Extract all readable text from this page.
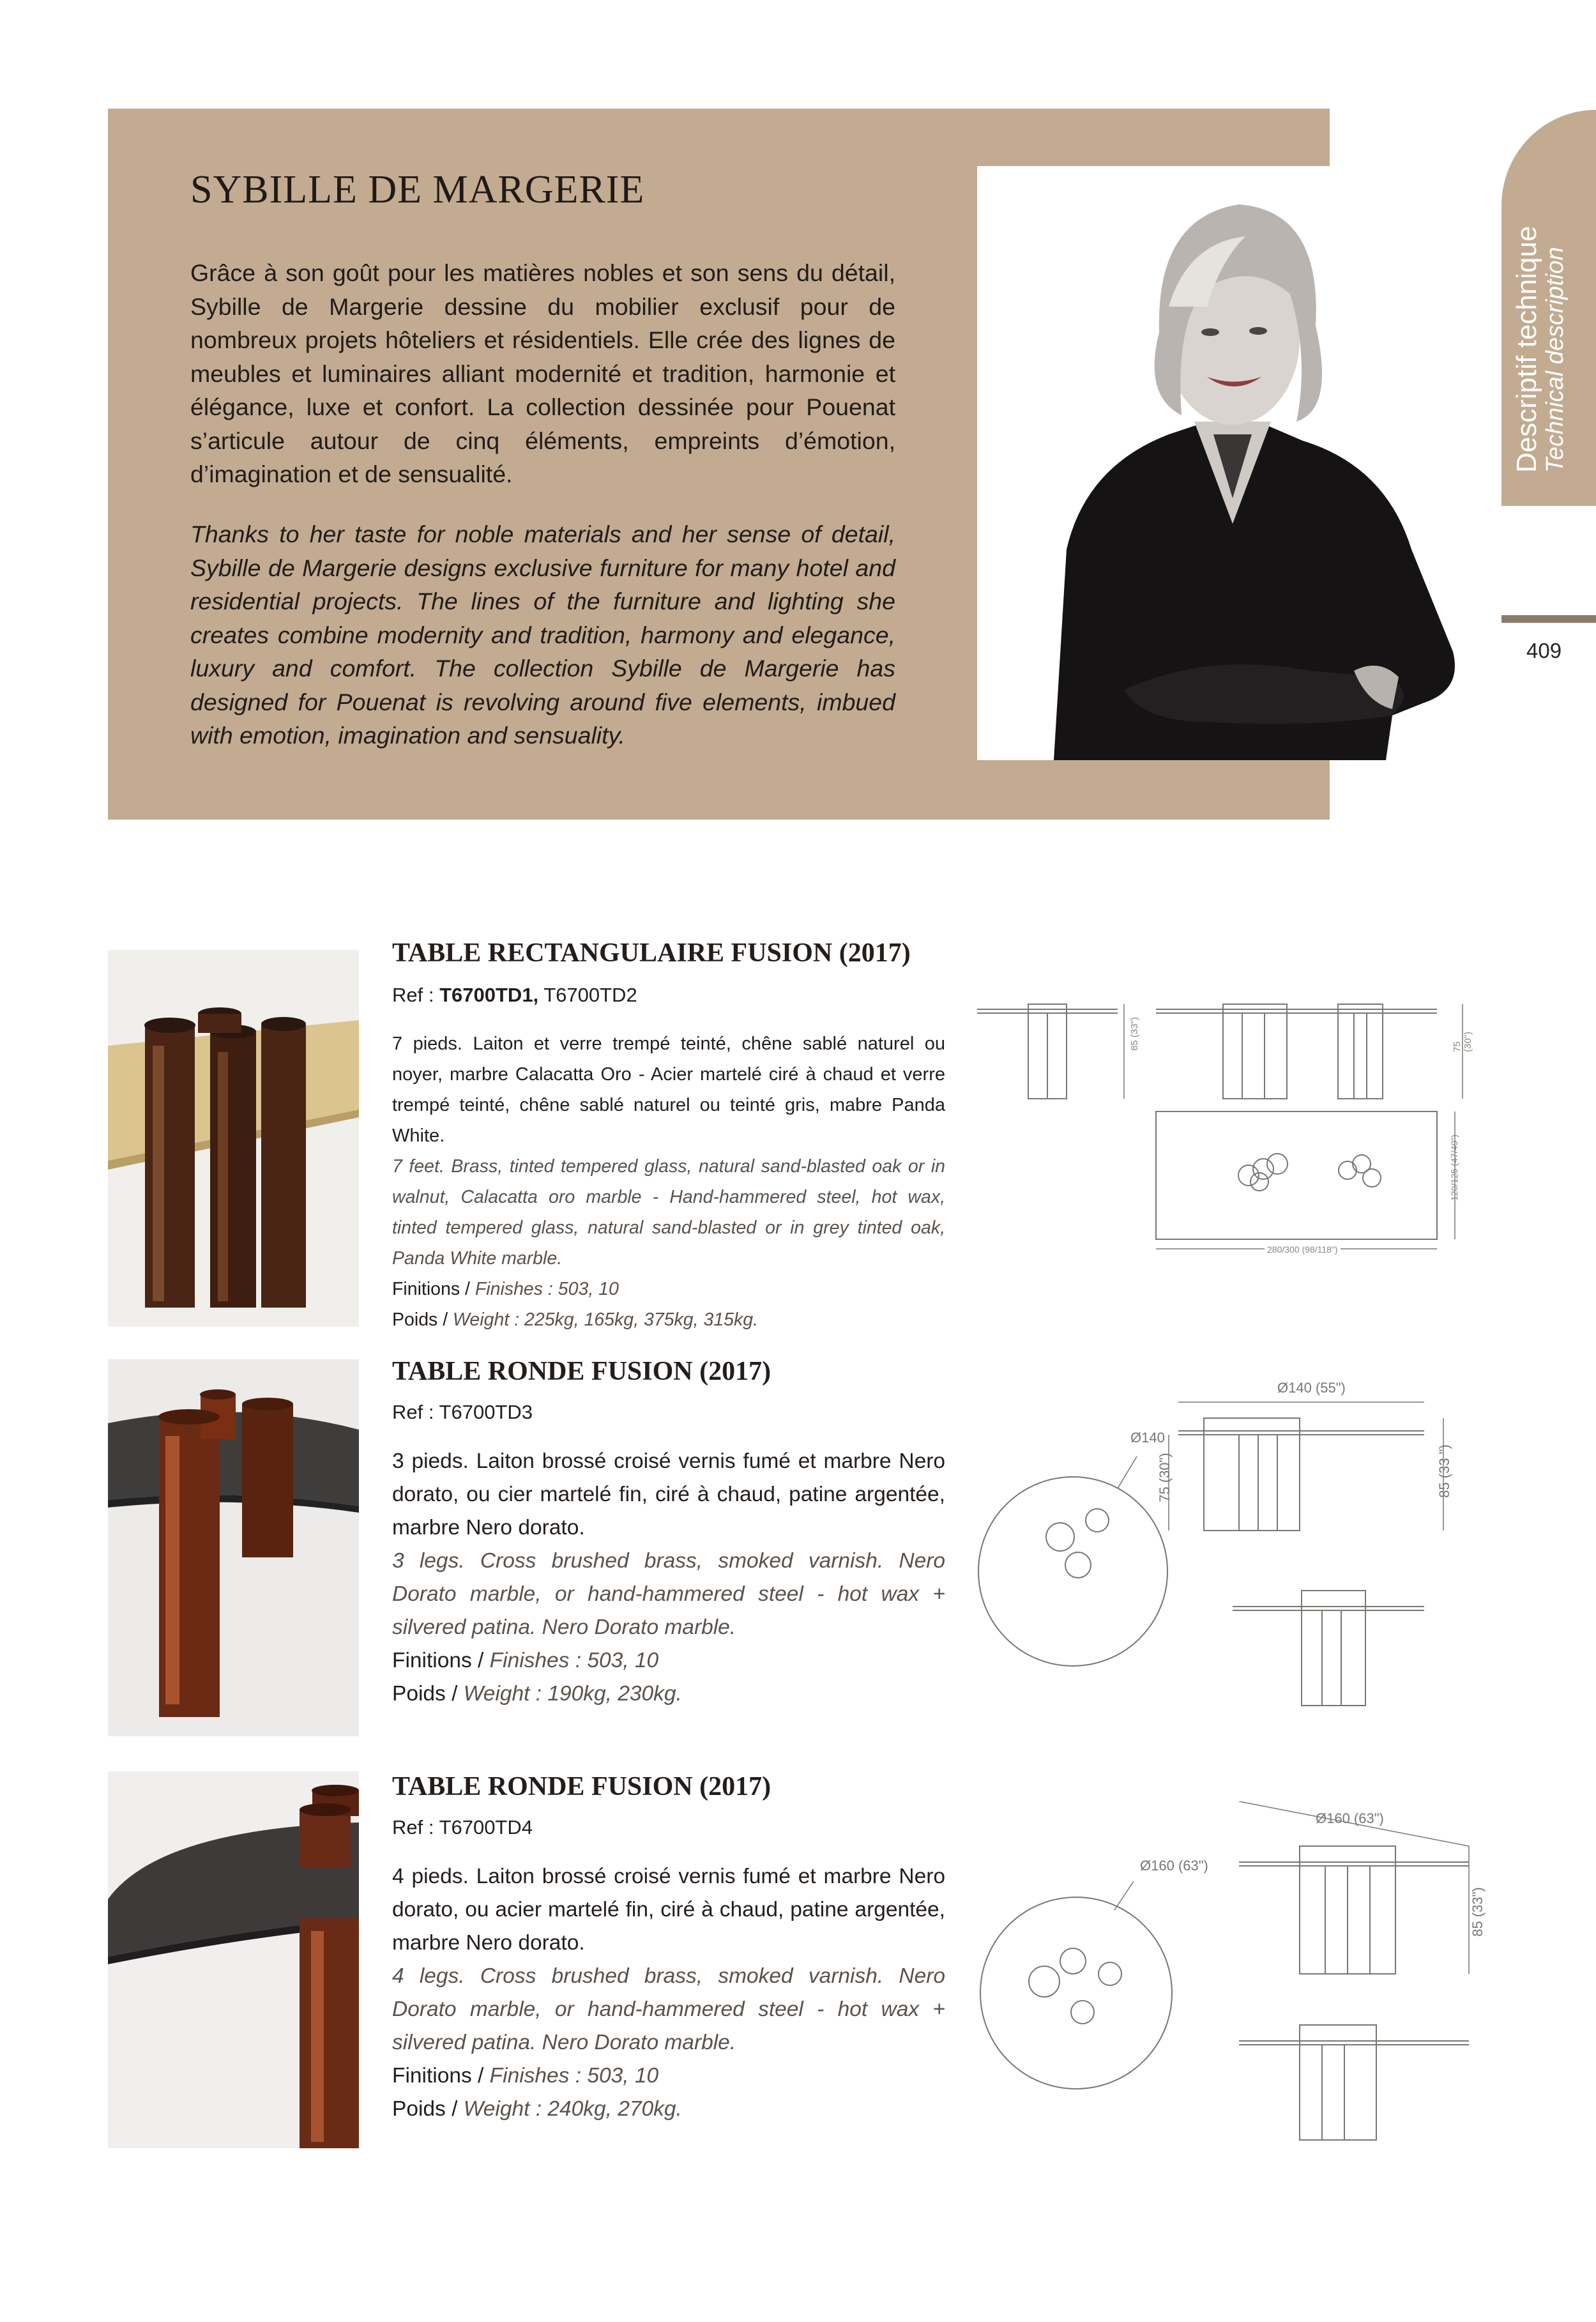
SYBILLE DE MARGERIE

Grâce à son goût pour les matières nobles et son sens du détail, Sybille de Margerie dessine du mobilier exclusif pour de nombreux projets hôteliers et résidentiels. Elle crée des lignes de meubles et luminaires alliant modernité et tradition, harmonie et élégance, luxe et confort. La collection dessinée pour Pouenat s’articule autour de cinq éléments, empreints d’émotion, d’imagination et de sensualité.

Thanks to her taste for noble materials and her sense of detail, Sybille de Margerie designs exclusive furniture for many hotel and residential projects. The lines of the furniture and lighting she creates combine modernity and tradition, harmony and elegance, luxury and comfort. The collection Sybille de Margerie has designed for Pouenat is revolving around five elements, imbued with emotion, imagination and sensuality.

Descriptif technique Technical description
409
TABLE RECTANGULAIRE FUSION (2017)
Ref : T6700TD1, T6700TD2

7 pieds. Laiton et verre trempé teinté, chêne sablé naturel ou noyer, marbre Calacatta Oro - Acier martelé ciré à chaud et verre trempé teinté, chêne sablé naturel ou teinté gris, mabre Panda White.

7 feet. Brass, tinted tempered glass, natural sand-blasted oak or in walnut, Calacatta oro marble - Hand-hammered steel, hot wax, tinted tempered glass, natural sand-blasted or in grey tinted oak, Panda White marble.

Finitions / Finishes : 503, 10

Poids / Weight : 225kg, 165kg, 375kg, 315kg.

85 (33")	75 (30")
120/125 (47/49")
280/300 (98/118")
TABLE RONDE FUSION (2017)
Ref : T6700TD3

3 pieds. Laiton brossé croisé vernis fumé et marbre Nero dorato, ou cier martelé fin, ciré à chaud, patine argentée, marbre Nero dorato.

3 legs. Cross brushed brass, smoked varnish. Nero Dorato marble, or hand-hammered steel - hot wax + silvered patina. Nero Dorato marble.

Finitions / Finishes : 503, 10

Poids / Weight : 190kg, 230kg.

Ø140 (55")
Ø140
75 (30")	85 (33 ")
TABLE RONDE FUSION (2017)
Ref : T6700TD4

4 pieds. Laiton brossé croisé vernis fumé et marbre Nero dorato, ou acier martelé fin, ciré à chaud, patine argentée, marbre Nero dorato.

4 legs. Cross brushed brass, smoked varnish. Nero Dorato marble, or hand-hammered steel - hot wax + silvered patina. Nero Dorato marble.

Finitions / Finishes : 503, 10

Poids / Weight : 240kg, 270kg.

Ø160 (63")
Ø160 (63")
85 (33")
